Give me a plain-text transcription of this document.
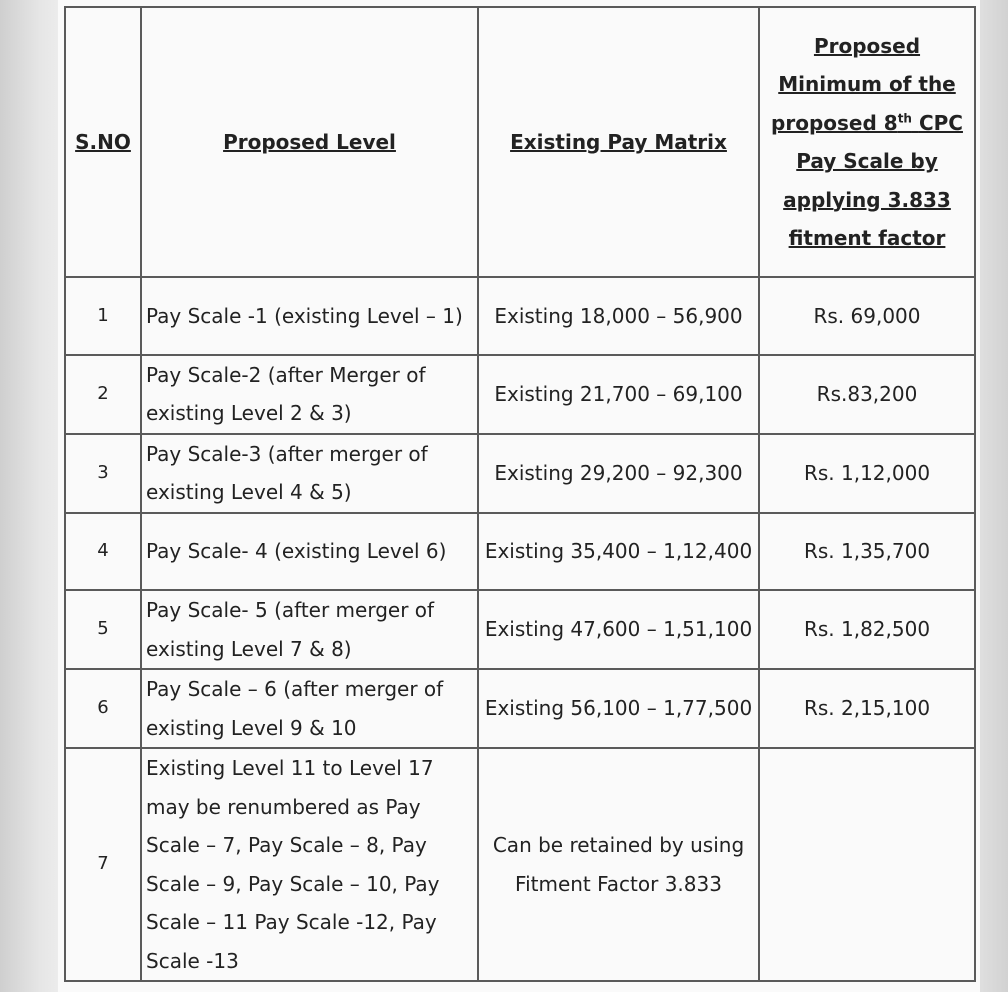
S.NO	Proposed Level	Existing Pay Matrix	Proposed Minimum of the proposed 8th CPC Pay Scale by applying 3.833 fitment factor
1	Pay Scale -1 (existing Level – 1)	Existing 18,000 – 56,900	Rs. 69,000
2	Pay Scale-2 (after Merger of existing Level 2 & 3)	Existing 21,700 – 69,100	Rs.83,200
3	Pay Scale-3 (after merger of existing Level 4 & 5)	Existing 29,200 – 92,300	Rs. 1,12,000
4	Pay Scale- 4 (existing Level 6)	Existing 35,400 – 1,12,400	Rs. 1,35,700
5	Pay Scale- 5 (after merger of existing Level 7 & 8)	Existing 47,600 – 1,51,100	Rs. 1,82,500
6	Pay Scale – 6 (after merger of existing Level 9 & 10	Existing 56,100 – 1,77,500	Rs. 2,15,100
7	Existing Level 11 to Level 17 may be renumbered as Pay Scale – 7, Pay Scale – 8, Pay Scale – 9, Pay Scale – 10, Pay Scale – 11 Pay Scale -12, Pay Scale -13	Can be retained by using Fitment Factor 3.833	
